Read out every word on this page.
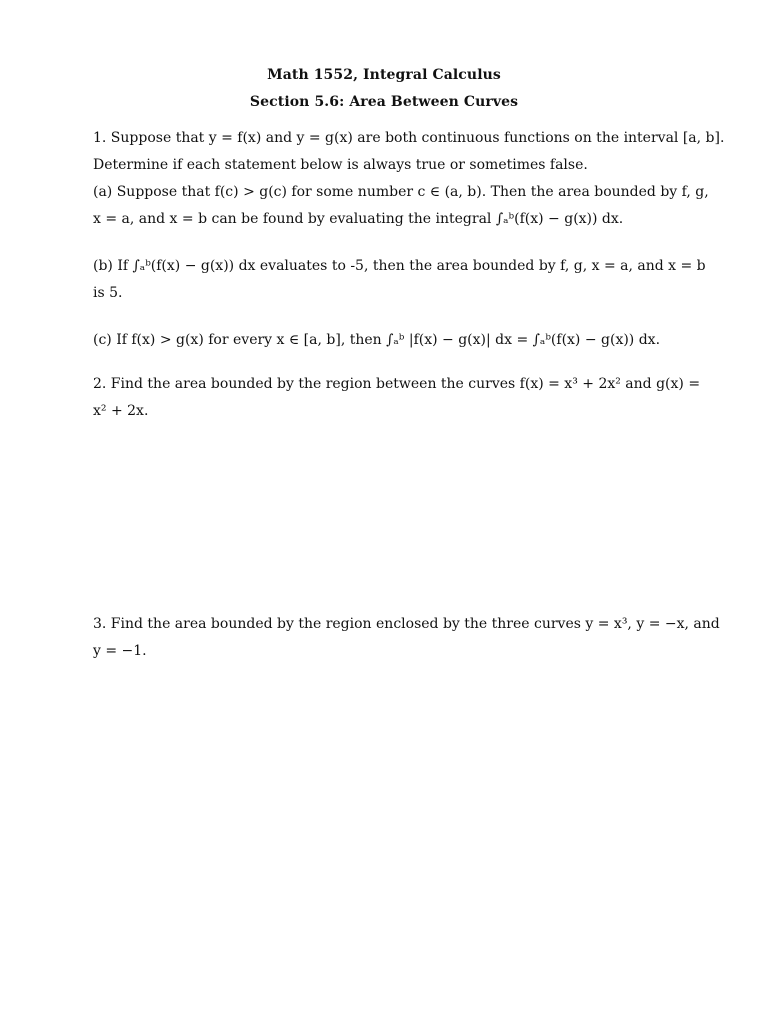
Math 1552, Integral Calculus
Section 5.6: Area Between Curves
1. Suppose that y = f(x) and y = g(x) are both continuous functions on the interval [a, b].
Determine if each statement below is always true or sometimes false.
(a) Suppose that f(c) > g(c) for some number c ∈ (a, b). Then the area bounded by f, g,
x = a, and x = b can be found by evaluating the integral ∫ₐᵇ(f(x) − g(x)) dx.
(b) If ∫ₐᵇ(f(x) − g(x)) dx evaluates to -5, then the area bounded by f, g, x = a, and x = b
is 5.
(c) If f(x) > g(x) for every x ∈ [a, b], then ∫ₐᵇ |f(x) − g(x)| dx = ∫ₐᵇ(f(x) − g(x)) dx.
2. Find the area bounded by the region between the curves f(x) = x³ + 2x² and g(x) =
x² + 2x.
3. Find the area bounded by the region enclosed by the three curves y = x³, y = −x, and
y = −1.
